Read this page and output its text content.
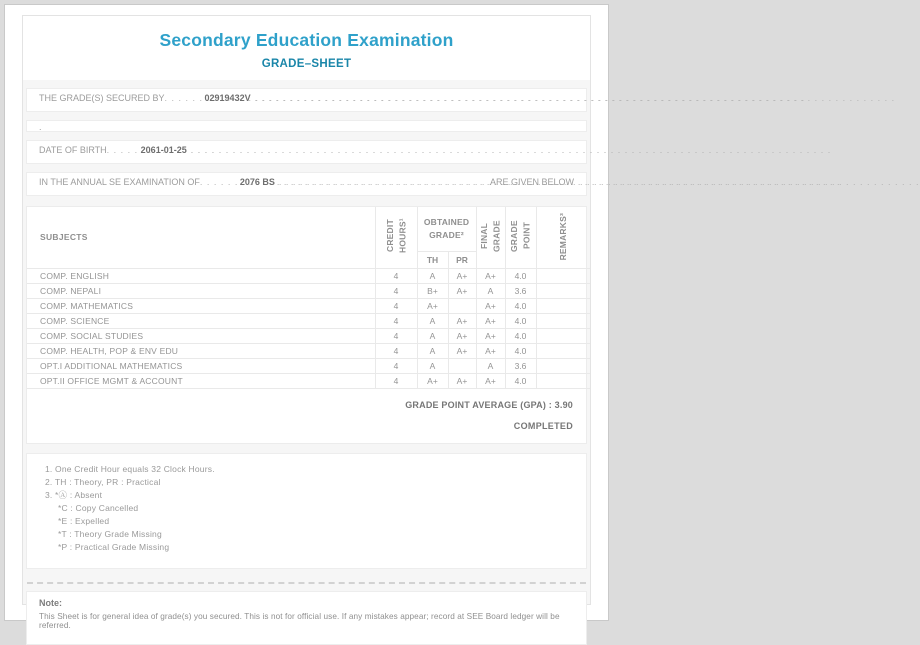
Secondary Education Examination
GRADE–SHEET
THE GRADE(S) SECURED BY . . .	02919432V
. . .
.
DATE OF BIRTH . . .	2061-01-25
. . .
IN THE ANNUAL SE EXAMINATION OF . . .	2076 BS . . .	ARE GIVEN BELOW
SUBJECTS	CREDIT HOURS¹	OBTAINED GRADE²		FINAL GRADE	GRADE POINT	REMARKS³
		TH	PR			
COMP. ENGLISH	4	A	A+	A+	4.0	
COMP. NEPALI	4	B+	A+	A	3.6	
COMP. MATHEMATICS	4	A+		A+	4.0	
COMP. SCIENCE	4	A	A+	A+	4.0	
COMP. SOCIAL STUDIES	4	A	A+	A+	4.0	
COMP. HEALTH, POP & ENV EDU	4	A	A+	A+	4.0	
OPT.I ADDITIONAL MATHEMATICS	4	A		A	3.6	
OPT.II OFFICE MGMT & ACCOUNT	4	A+	A+	A+	4.0	
GRADE POINT AVERAGE (GPA) : 3.90
COMPLETED
1. One Credit Hour equals 32 Clock Hours.
2. TH : Theory, PR : Practical
3. *Ⓐ : Absent
*C : Copy Cancelled
*E : Expelled
*T : Theory Grade Missing
*P : Practical Grade Missing
Note:
This Sheet is for general idea of grade(s) you secured. This is not for official use. If any mistakes appear; record at SEE Board ledger will be referred.
